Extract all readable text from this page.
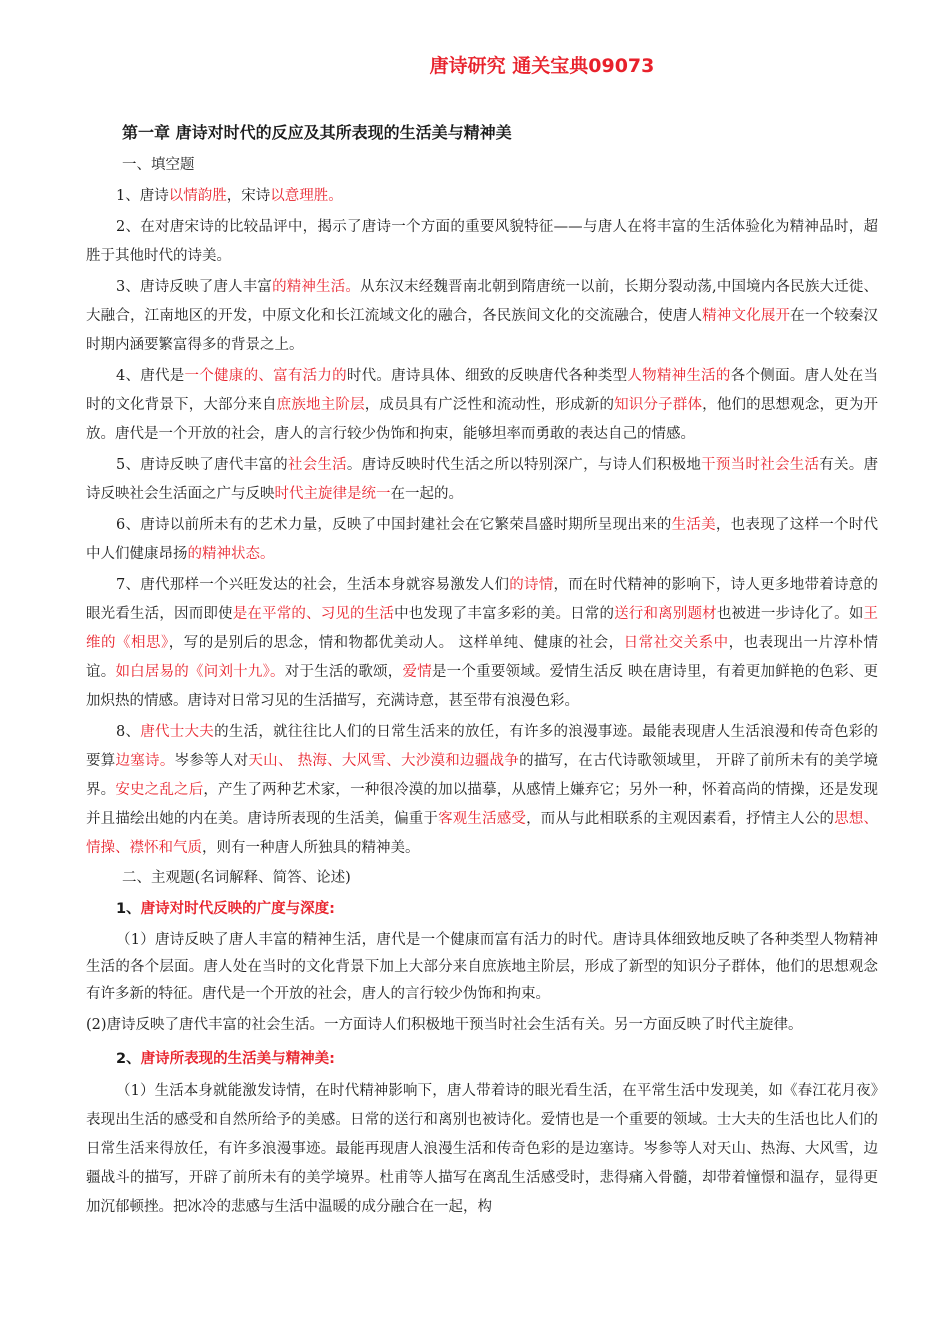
唐诗研究 通关宝典09073
第一章 唐诗对时代的反应及其所表现的生活美与精神美
一、填空题
1、唐诗以情韵胜，宋诗以意理胜。
2、在对唐宋诗的比较品评中，揭示了唐诗一个方面的重要风貌特征——与唐人在将丰富的生活体验化为精神品时，超胜于其他时代的诗美。
3、唐诗反映了唐人丰富的精神生活。从东汉末经魏晋南北朝到隋唐统一以前，长期分裂动荡,中国境内各民族大迁徙、大融合，江南地区的开发，中原文化和长江流域文化的融合，各民族间文化的交流融合，使唐人精神文化展开在一个较秦汉时期内涵要繁富得多的背景之上。
4、唐代是一个健康的、富有活力的时代。唐诗具体、细致的反映唐代各种类型人物精神生活的各个侧面。唐人处在当时的文化背景下，大部分来自庶族地主阶层，成员具有广泛性和流动性，形成新的知识分子群体，他们的思想观念，更为开放。唐代是一个开放的社会，唐人的言行较少伪饰和拘束，能够坦率而勇敢的表达自己的情感。
5、唐诗反映了唐代丰富的社会生活。唐诗反映时代生活之所以特别深广，与诗人们积极地干预当时社会生活有关。唐诗反映社会生活面之广与反映时代主旋律是统一在一起的。
6、唐诗以前所未有的艺术力量，反映了中国封建社会在它繁荣昌盛时期所呈现出来的生活美，也表现了这样一个时代中人们健康昂扬的精神状态。
7、唐代那样一个兴旺发达的社会，生活本身就容易激发人们的诗情，而在时代精神的影响下，诗人更多地带着诗意的眼光看生活，因而即使是在平常的、习见的生活中也发现了丰富多彩的美。日常的送行和离别题材也被进一步诗化了。如王维的《相思》，写的是别后的思念，情和物都优美动人。 这样单纯、健康的社会，日常社交关系中，也表现出一片淳朴情谊。如白居易的《问刘十九》。对于生活的歌颂，爱情是一个重要领域。爱情生活反 映在唐诗里，有着更加鲜艳的色彩、更加炽热的情感。唐诗对日常习见的生活描写，充满诗意，甚至带有浪漫色彩。
8、唐代士大夫的生活，就往往比人们的日常生活来的放任，有许多的浪漫事迹。最能表现唐人生活浪漫和传奇色彩的要算边塞诗。岑参等人对天山、 热海、大风雪、大沙漠和边疆战争的描写，在古代诗歌领域里， 开辟了前所未有的美学境界。安史之乱之后，产生了两种艺术家，一种很冷漠的加以描摹，从感情上嫌弃它；另外一种，怀着高尚的情操，还是发现并且描绘出她的内在美。唐诗所表现的生活美，偏重于客观生活感受，而从与此相联系的主观因素看，抒情主人公的思想、情操、襟怀和气质，则有一种唐人所独具的精神美。
二、主观题(名词解释、简答、论述)
1、唐诗对时代反映的广度与深度:
（1）唐诗反映了唐人丰富的精神生活，唐代是一个健康而富有活力的时代。唐诗具体细致地反映了各种类型人物精神生活的各个层面。唐人处在当时的文化背景下加上大部分来自庶族地主阶层，形成了新型的知识分子群体，他们的思想观念有许多新的特征。唐代是一个开放的社会，唐人的言行较少伪饰和拘束。
(2)唐诗反映了唐代丰富的社会生活。一方面诗人们积极地干预当时社会生活有关。另一方面反映了时代主旋律。
2、唐诗所表现的生活美与精神美:
（1）生活本身就能激发诗情，在时代精神影响下，唐人带着诗的眼光看生活，在平常生活中发现美，如《春江花月夜》表现出生活的感受和自然所给予的美感。日常的送行和离别也被诗化。爱情也是一个重要的领域。士大夫的生活也比人们的日常生活来得放任，有许多浪漫事迹。最能再现唐人浪漫生活和传奇色彩的是边塞诗。岑参等人对天山、热海、大风雪，边疆战斗的描写，开辟了前所未有的美学境界。杜甫等人描写在离乱生活感受时，悲得痛入骨髓，却带着憧憬和温存，显得更加沉郁顿挫。把冰冷的悲感与生活中温暖的成分融合在一起，构
